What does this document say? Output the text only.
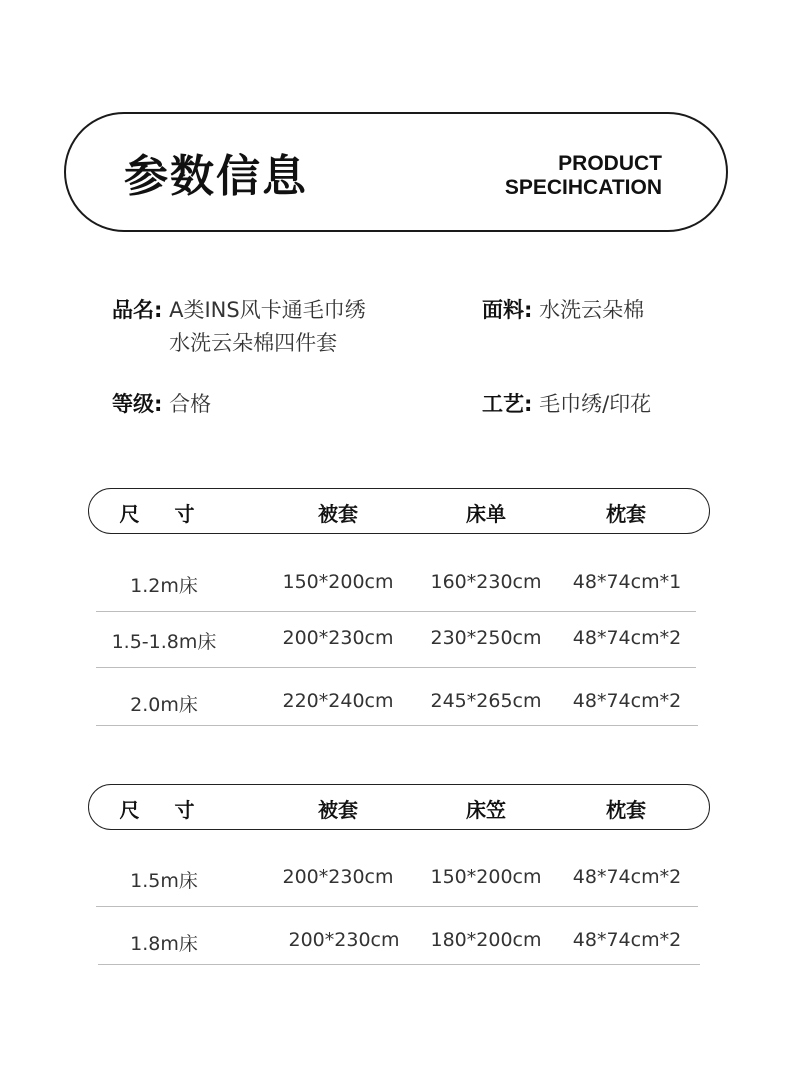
参数信息	PRODUCT
SPECIHCATION
品名: A类INS风卡通毛巾绣
水洗云朵棉四件套
面料: 水洗云朵棉
等级: 合格	工艺: 毛巾绣/印花
尺 寸	被套	床单	枕套
1.2m床	150*200cm 160*230cm 48*74cm*1
1.5-1.8m床	200*230cm 230*250cm 48*74cm*2
2.0m床	220*240cm 245*265cm 48*74cm*2
尺 寸	被套	床笠	枕套
1.5m床	200*230cm 150*200cm 48*74cm*2
1.8m床	200*230cm 180*200cm 48*74cm*2
